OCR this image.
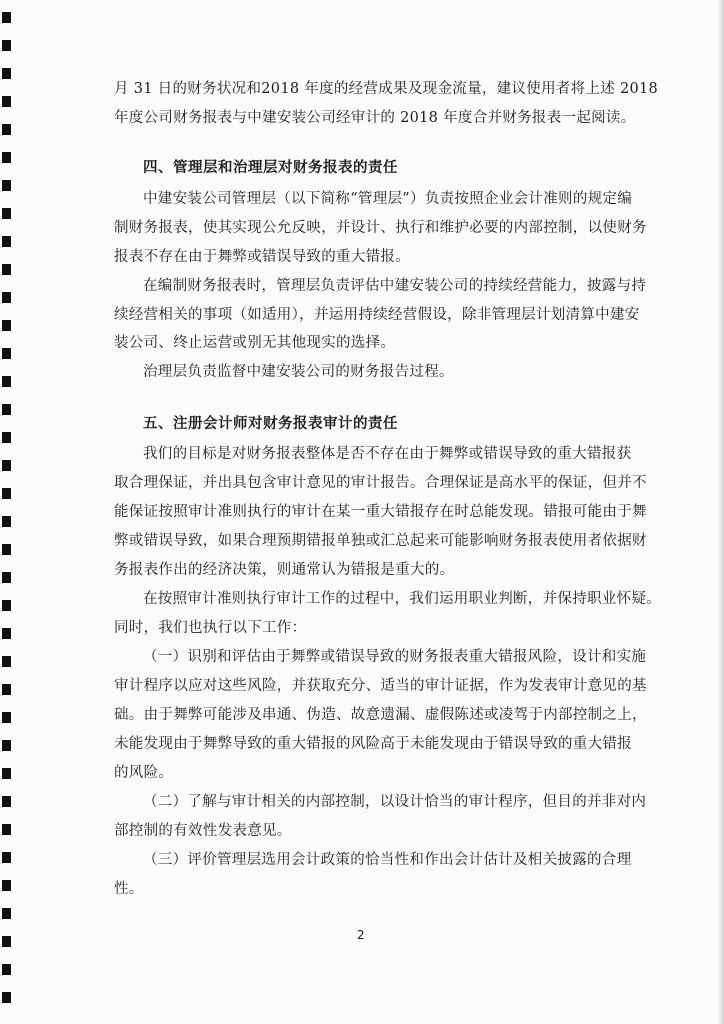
月 31 日的财务状况和2018 年度的经营成果及现金流量，建议使用者将上述 2018

年度公司财务报表与中建安装公司经审计的 2018 年度合并财务报表一起阅读。

四、管理层和治理层对财务报表的责任

中建安装公司管理层（以下简称“管理层”）负责按照企业会计准则的规定编

制财务报表，使其实现公允反映，并设计、执行和维护必要的内部控制，以使财务

报表不存在由于舞弊或错误导致的重大错报。

在编制财务报表时，管理层负责评估中建安装公司的持续经营能力，披露与持

续经营相关的事项（如适用），并运用持续经营假设，除非管理层计划清算中建安

装公司、终止运营或别无其他现实的选择。

治理层负责监督中建安装公司的财务报告过程。

五、注册会计师对财务报表审计的责任

我们的目标是对财务报表整体是否不存在由于舞弊或错误导致的重大错报获

取合理保证，并出具包含审计意见的审计报告。合理保证是高水平的保证，但并不

能保证按照审计准则执行的审计在某一重大错报存在时总能发现。错报可能由于舞

弊或错误导致，如果合理预期错报单独或汇总起来可能影响财务报表使用者依据财

务报表作出的经济决策，则通常认为错报是重大的。

在按照审计准则执行审计工作的过程中，我们运用职业判断，并保持职业怀疑。

同时，我们也执行以下工作：

（一）识别和评估由于舞弊或错误导致的财务报表重大错报风险，设计和实施

审计程序以应对这些风险，并获取充分、适当的审计证据，作为发表审计意见的基

础。由于舞弊可能涉及串通、伪造、故意遗漏、虚假陈述或凌驾于内部控制之上，

未能发现由于舞弊导致的重大错报的风险高于未能发现由于错误导致的重大错报

的风险。

（二）了解与审计相关的内部控制，以设计恰当的审计程序，但目的并非对内

部控制的有效性发表意见。

（三）评价管理层选用会计政策的恰当性和作出会计估计及相关披露的合理

性。

2
